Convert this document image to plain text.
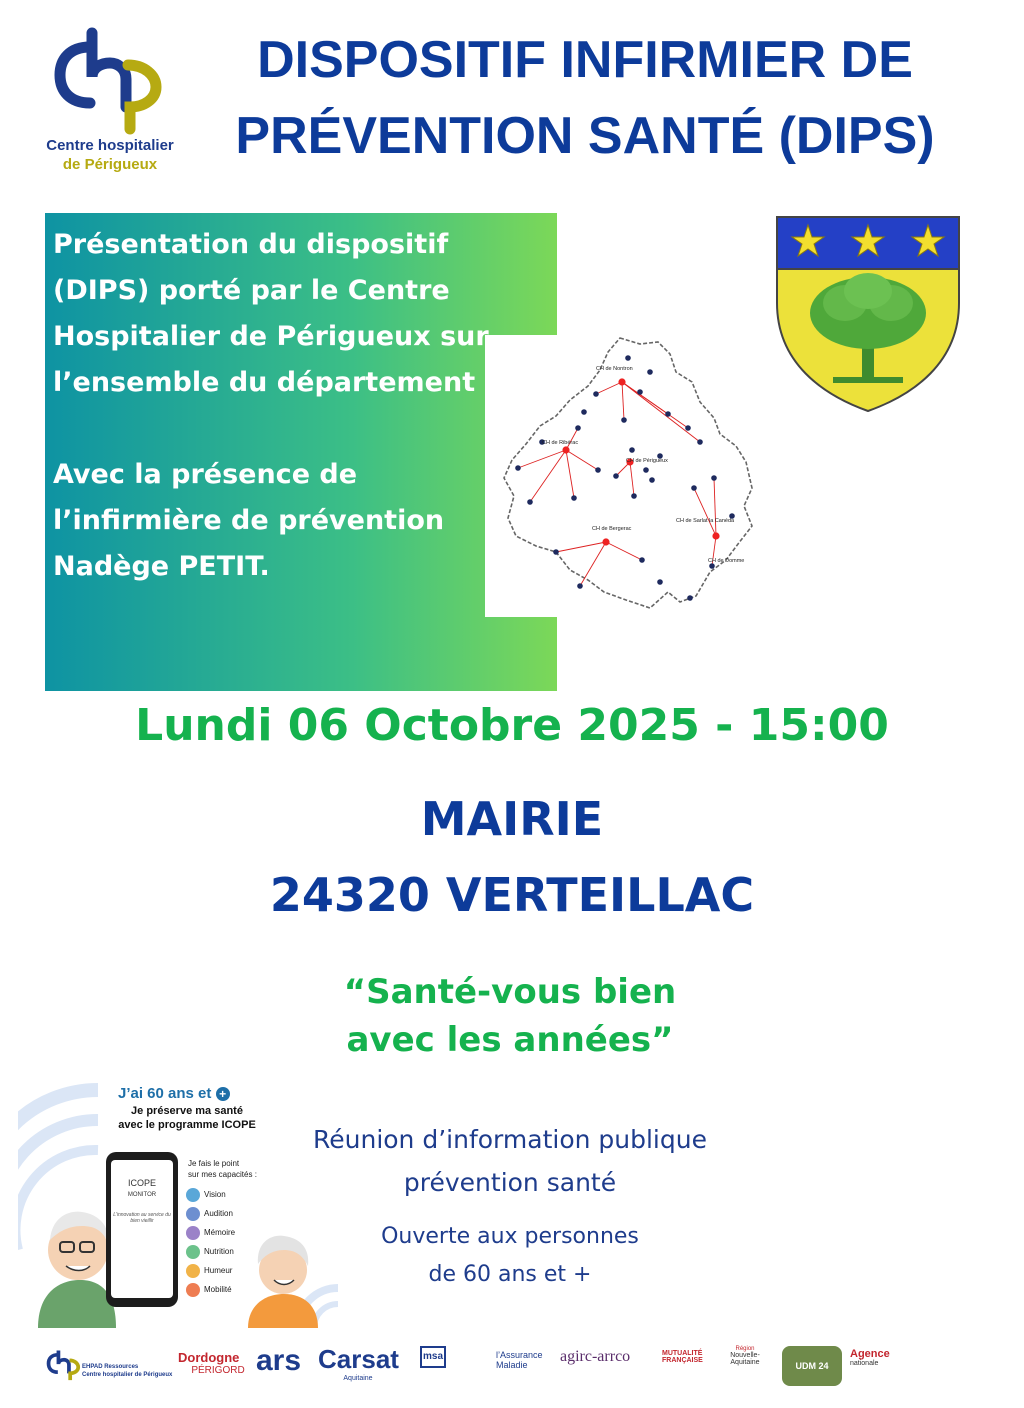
Centre hospitalier
de Périgueux
DISPOSITIF INFIRMIER DE
PRÉVENTION SANTÉ (DIPS)

Présentation du dispositif (DIPS) porté par le Centre Hospitalier de Périgueux sur l’ensemble du département

Avec la présence de l’infirmière de prévention Nadège PETIT.

CH de Nontron
CH de Ribérac
CH de Périgueux
CH de Sarlat la Canéda
CH de Bergerac
CH de Domme
Lundi 06 Octobre 2025 - 15:00
MAIRIE
24320 VERTEILLAC
“Santé-vous bien
avec les années”
Réunion d’information publique
prévention santé
Ouverte aux personnes
de 60 ans et +
J’ai 60 ans et +
Je préserve ma santé
avec le programme ICOPE
ICOPE
MONITOR
L’innovation au service du bien vieillir
Je fais le point
sur mes capacités :
Vision
Audition
Mémoire
Nutrition
Humeur
Mobilité
EHPAD Ressources
Centre hospitalier de Périgueux
Dordogne
PÉRIGORD ars Carsat
Aquitaine
msa	l’Assurance
Maladie	agirc-arrco	MUTUALITÉ
FRANÇAISE
Région
Nouvelle-
Aquitaine	UDM 24
Agence
nationale
